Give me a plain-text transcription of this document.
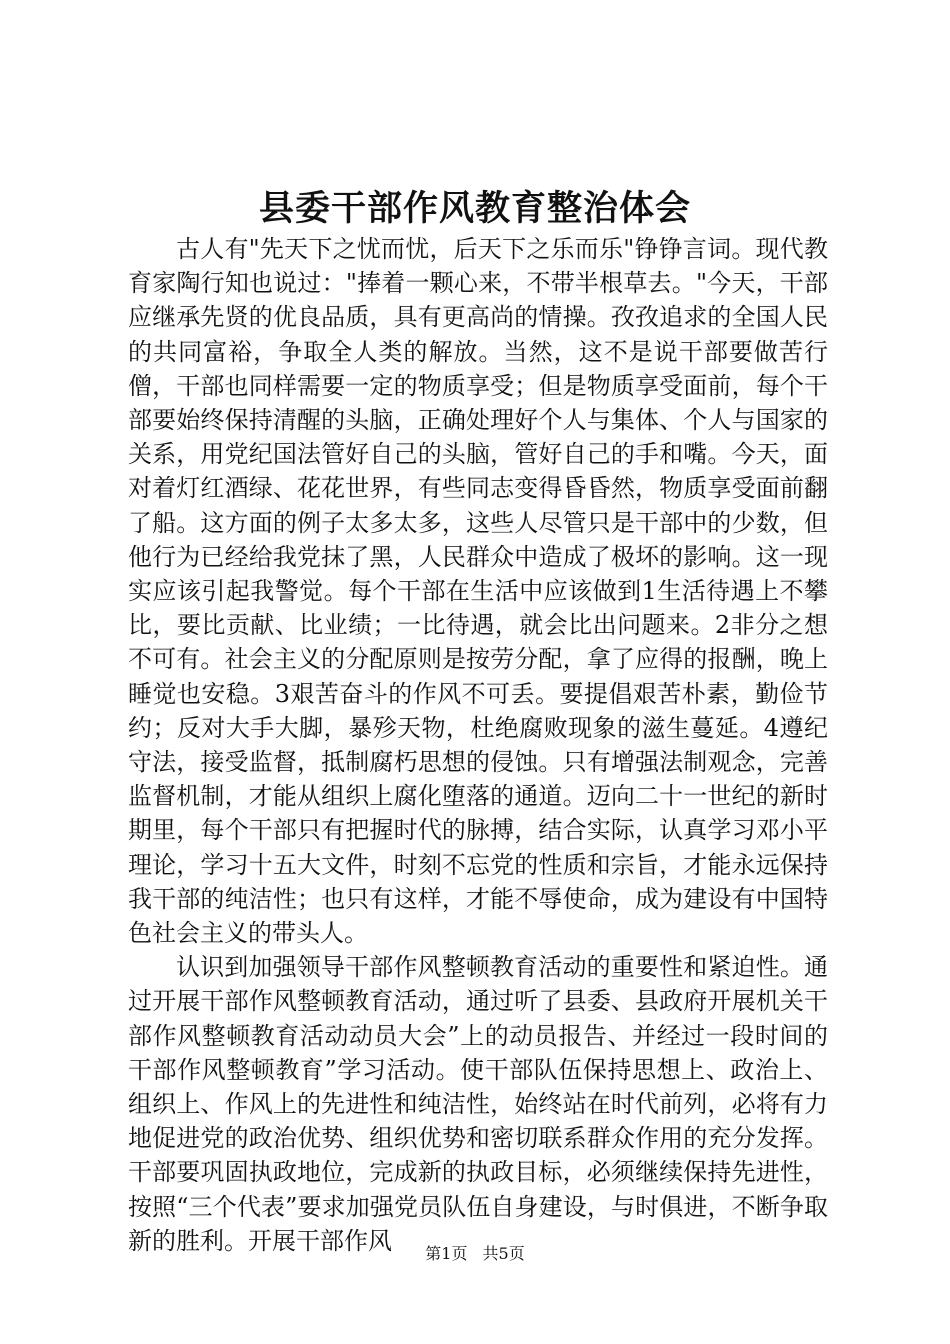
县委干部作风教育整治体会

古人有"先天下之忧而忧，后天下之乐而乐"铮铮言词。现代教育家陶行知也说过："捧着一颗心来，不带半根草去。"今天，干部应继承先贤的优良品质，具有更高尚的情操。孜孜追求的全国人民的共同富裕，争取全人类的解放。当然，这不是说干部要做苦行僧，干部也同样需要一定的物质享受；但是物质享受面前，每个干部要始终保持清醒的头脑，正确处理好个人与集体、个人与国家的关系，用党纪国法管好自己的头脑，管好自己的手和嘴。今天，面对着灯红酒绿、花花世界，有些同志变得昏昏然，物质享受面前翻了船。这方面的例子太多太多，这些人尽管只是干部中的少数，但他行为已经给我党抹了黑，人民群众中造成了极坏的影响。这一现实应该引起我警觉。每个干部在生活中应该做到1生活待遇上不攀比，要比贡献、比业绩；一比待遇，就会比出问题来。2非分之想不可有。社会主义的分配原则是按劳分配，拿了应得的报酬，晚上睡觉也安稳。3艰苦奋斗的作风不可丢。要提倡艰苦朴素，勤俭节约；反对大手大脚，暴殄天物，杜绝腐败现象的滋生蔓延。4遵纪守法，接受监督，抵制腐朽思想的侵蚀。只有增强法制观念，完善监督机制，才能从组织上腐化堕落的通道。迈向二十一世纪的新时期里，每个干部只有把握时代的脉搏，结合实际，认真学习邓小平理论，学习十五大文件，时刻不忘党的性质和宗旨，才能永远保持我干部的纯洁性；也只有这样，才能不辱使命，成为建设有中国特色社会主义的带头人。

认识到加强领导干部作风整顿教育活动的重要性和紧迫性。通过开展干部作风整顿教育活动，通过听了县委、县政府开展机关干部作风整顿教育活动动员大会”上的动员报告、并经过一段时间的干部作风整顿教育”学习活动。使干部队伍保持思想上、政治上、组织上、作风上的先进性和纯洁性，始终站在时代前列，必将有力地促进党的政治优势、组织优势和密切联系群众作用的充分发挥。干部要巩固执政地位，完成新的执政目标，必须继续保持先进性，按照“三个代表”要求加强党员队伍自身建设，与时俱进，不断争取新的胜利。开展干部作风	第1页 共5页
